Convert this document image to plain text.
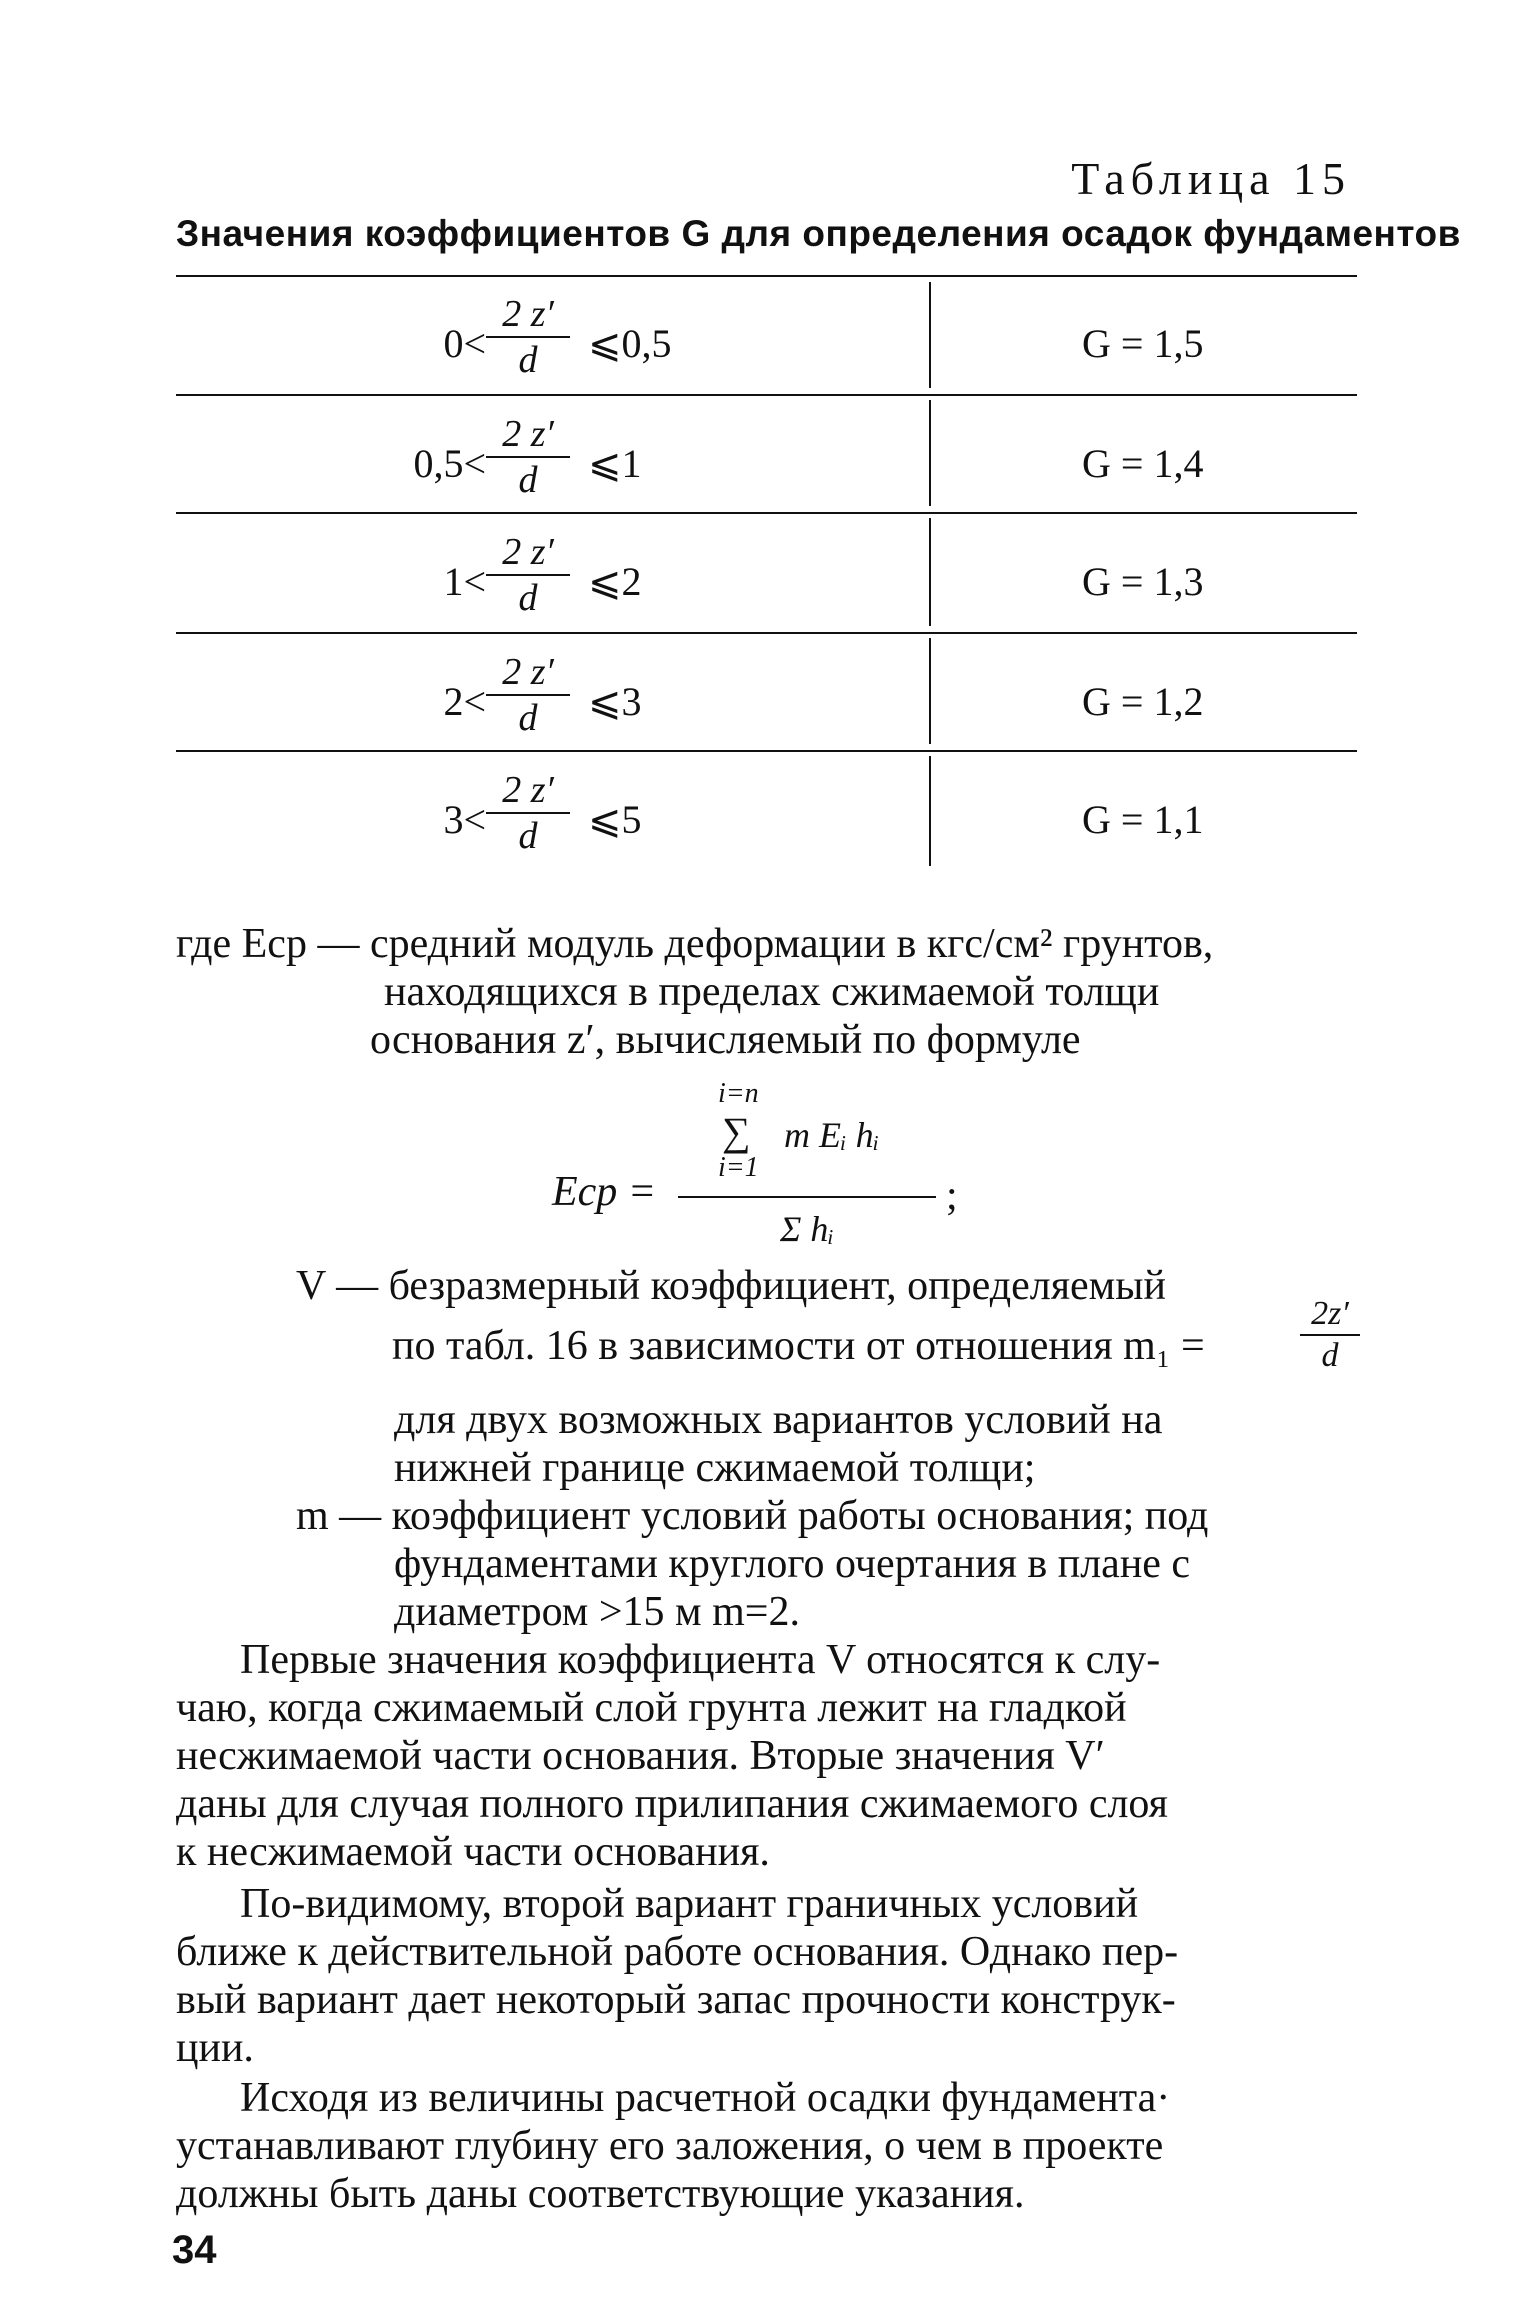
Таблица 15
Значения коэффициентов G для определения осадок фундаментов
0<
2 z′
d ⩽0,5	G = 1,5
0,5<
2 z′
d ⩽1	G = 1,4
1<
2 z′
d ⩽2	G = 1,3
2<
2 z′
d ⩽3	G = 1,2
3<
2 z′
d ⩽5	G = 1,1
где Eср — средний модуль деформации в кгс/см² грунтов,
находящихся в пределах сжимаемой толщи
основания z′, вычисляемый по формуле
i=n
∑ m Eᵢ hᵢ
i=1
Eср =	;
Σ hᵢ
V — безразмерный коэффициент, определяемый
по табл. 16 в зависимости от отношения m₁ =
2z′
d
для двух возможных вариантов условий на
нижней границе сжимаемой толщи;
m — коэффициент условий работы основания; под
фундаментами круглого очертания в плане с
диаметром >15 м m=2.
Первые значения коэффициента V относятся к слу-
чаю, когда сжимаемый слой грунта лежит на гладкой
несжимаемой части основания. Вторые значения V′
даны для случая полного прилипания сжимаемого слоя
к несжимаемой части основания.
По-видимому, второй вариант граничных условий
ближе к действительной работе основания. Однако пер-
вый вариант дает некоторый запас прочности конструк-
ции.
Исходя из величины расчетной осадки фундамента·
устанавливают глубину его заложения, о чем в проекте
должны быть даны соответствующие указания.
34
